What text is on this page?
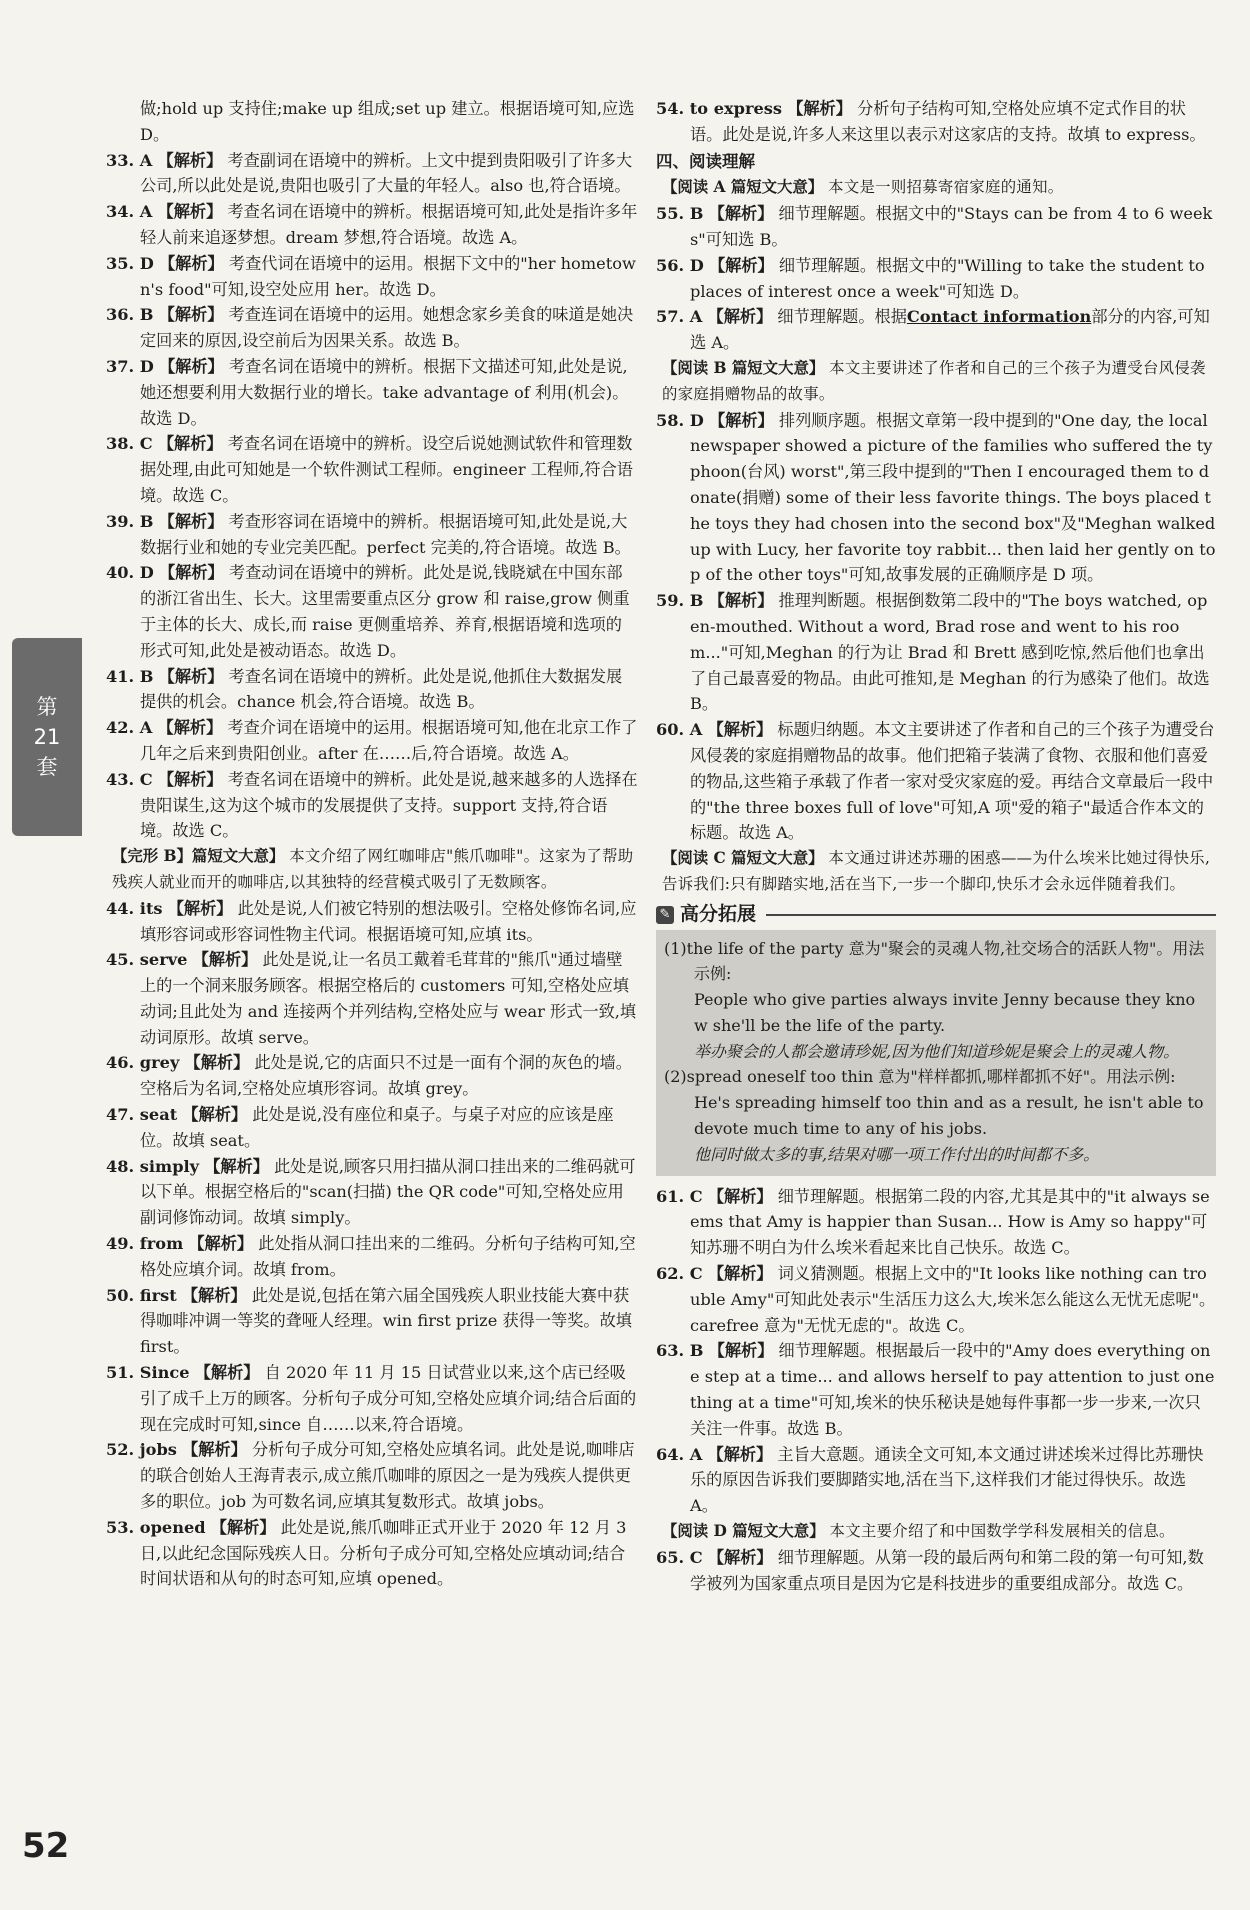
做;hold up 支持住;make up 组成;set up 建立。根据语境可知,应选 D。
33. A 【解析】 考查副词在语境中的辨析。上文中提到贵阳吸引了许多大公司,所以此处是说,贵阳也吸引了大量的年轻人。also 也,符合语境。
34. A 【解析】 考查名词在语境中的辨析。根据语境可知,此处是指许多年轻人前来追逐梦想。dream 梦想,符合语境。故选 A。
35. D 【解析】 考查代词在语境中的运用。根据下文中的"her hometown's food"可知,设空处应用 her。故选 D。
36. B 【解析】 考查连词在语境中的运用。她想念家乡美食的味道是她决定回来的原因,设空前后为因果关系。故选 B。
37. D 【解析】 考查名词在语境中的辨析。根据下文描述可知,此处是说,她还想要利用大数据行业的增长。take advantage of 利用(机会)。故选 D。
38. C 【解析】 考查名词在语境中的辨析。设空后说她测试软件和管理数据处理,由此可知她是一个软件测试工程师。engineer 工程师,符合语境。故选 C。
39. B 【解析】 考查形容词在语境中的辨析。根据语境可知,此处是说,大数据行业和她的专业完美匹配。perfect 完美的,符合语境。故选 B。
40. D 【解析】 考查动词在语境中的辨析。此处是说,钱晓斌在中国东部的浙江省出生、长大。这里需要重点区分 grow 和 raise,grow 侧重于主体的长大、成长,而 raise 更侧重培养、养育,根据语境和选项的形式可知,此处是被动语态。故选 D。
41. B 【解析】 考查名词在语境中的辨析。此处是说,他抓住大数据发展提供的机会。chance 机会,符合语境。故选 B。
42. A 【解析】 考查介词在语境中的运用。根据语境可知,他在北京工作了几年之后来到贵阳创业。after 在……后,符合语境。故选 A。
43. C 【解析】 考查名词在语境中的辨析。此处是说,越来越多的人选择在贵阳谋生,这为这个城市的发展提供了支持。support 支持,符合语境。故选 C。
【完形 B】篇短文大意】 本文介绍了网红咖啡店"熊爪咖啡"。这家为了帮助残疾人就业而开的咖啡店,以其独特的经营模式吸引了无数顾客。
44. its 【解析】 此处是说,人们被它特别的想法吸引。空格处修饰名词,应填形容词或形容词性物主代词。根据语境可知,应填 its。
45. serve 【解析】 此处是说,让一名员工戴着毛茸茸的"熊爪"通过墙壁上的一个洞来服务顾客。根据空格后的 customers 可知,空格处应填动词;且此处为 and 连接两个并列结构,空格处应与 wear 形式一致,填动词原形。故填 serve。
46. grey 【解析】 此处是说,它的店面只不过是一面有个洞的灰色的墙。空格后为名词,空格处应填形容词。故填 grey。
47. seat 【解析】 此处是说,没有座位和桌子。与桌子对应的应该是座位。故填 seat。
48. simply 【解析】 此处是说,顾客只用扫描从洞口挂出来的二维码就可以下单。根据空格后的"scan(扫描) the QR code"可知,空格处应用副词修饰动词。故填 simply。
49. from 【解析】 此处指从洞口挂出来的二维码。分析句子结构可知,空格处应填介词。故填 from。
50. first 【解析】 此处是说,包括在第六届全国残疾人职业技能大赛中获得咖啡冲调一等奖的聋哑人经理。win first prize 获得一等奖。故填 first。
51. Since 【解析】 自 2020 年 11 月 15 日试营业以来,这个店已经吸引了成千上万的顾客。分析句子成分可知,空格处应填介词;结合后面的现在完成时可知,since 自……以来,符合语境。
52. jobs 【解析】 分析句子成分可知,空格处应填名词。此处是说,咖啡店的联合创始人王海青表示,成立熊爪咖啡的原因之一是为残疾人提供更多的职位。job 为可数名词,应填其复数形式。故填 jobs。
53. opened 【解析】 此处是说,熊爪咖啡正式开业于 2020 年 12 月 3 日,以此纪念国际残疾人日。分析句子成分可知,空格处应填动词;结合时间状语和从句的时态可知,应填 opened。
54. to express 【解析】 分析句子结构可知,空格处应填不定式作目的状语。此处是说,许多人来这里以表示对这家店的支持。故填 to express。
四、阅读理解
【阅读 A 篇短文大意】 本文是一则招募寄宿家庭的通知。
55. B 【解析】 细节理解题。根据文中的"Stays can be from 4 to 6 weeks"可知选 B。
56. D 【解析】 细节理解题。根据文中的"Willing to take the student to places of interest once a week"可知选 D。
57. A 【解析】 细节理解题。根据Contact information部分的内容,可知选 A。
【阅读 B 篇短文大意】 本文主要讲述了作者和自己的三个孩子为遭受台风侵袭的家庭捐赠物品的故事。
58. D 【解析】 排列顺序题。根据文章第一段中提到的"One day, the local newspaper showed a picture of the families who suffered the typhoon(台风) worst",第三段中提到的"Then I encouraged them to donate(捐赠) some of their less favorite things. The boys placed the toys they had chosen into the second box"及"Meghan walked up with Lucy, her favorite toy rabbit... then laid her gently on top of the other toys"可知,故事发展的正确顺序是 D 项。
59. B 【解析】 推理判断题。根据倒数第二段中的"The boys watched, open-mouthed. Without a word, Brad rose and went to his room..."可知,Meghan 的行为让 Brad 和 Brett 感到吃惊,然后他们也拿出了自己最喜爱的物品。由此可推知,是 Meghan 的行为感染了他们。故选 B。
60. A 【解析】 标题归纳题。本文主要讲述了作者和自己的三个孩子为遭受台风侵袭的家庭捐赠物品的故事。他们把箱子装满了食物、衣服和他们喜爱的物品,这些箱子承载了作者一家对受灾家庭的爱。再结合文章最后一段中的"the three boxes full of love"可知,A 项"爱的箱子"最适合作本文的标题。故选 A。
【阅读 C 篇短文大意】 本文通过讲述苏珊的困惑——为什么埃米比她过得快乐,告诉我们:只有脚踏实地,活在当下,一步一个脚印,快乐才会永远伴随着我们。
✎ 高分拓展
(1)the life of the party 意为"聚会的灵魂人物,社交场合的活跃人物"。用法示例:
People who give parties always invite Jenny because they know she'll be the life of the party.
举办聚会的人都会邀请珍妮,因为他们知道珍妮是聚会上的灵魂人物。
(2)spread oneself too thin 意为"样样都抓,哪样都抓不好"。用法示例:
He's spreading himself too thin and as a result, he isn't able to devote much time to any of his jobs.
他同时做太多的事,结果对哪一项工作付出的时间都不多。
61. C 【解析】 细节理解题。根据第二段的内容,尤其是其中的"it always seems that Amy is happier than Susan... How is Amy so happy"可知苏珊不明白为什么埃米看起来比自己快乐。故选 C。
62. C 【解析】 词义猜测题。根据上文中的"It looks like nothing can trouble Amy"可知此处表示"生活压力这么大,埃米怎么能这么无忧无虑呢"。carefree 意为"无忧无虑的"。故选 C。
63. B 【解析】 细节理解题。根据最后一段中的"Amy does everything one step at a time... and allows herself to pay attention to just one thing at a time"可知,埃米的快乐秘诀是她每件事都一步一步来,一次只关注一件事。故选 B。
64. A 【解析】 主旨大意题。通读全文可知,本文通过讲述埃米过得比苏珊快乐的原因告诉我们要脚踏实地,活在当下,这样我们才能过得快乐。故选 A。
【阅读 D 篇短文大意】 本文主要介绍了和中国数学学科发展相关的信息。
65. C 【解析】 细节理解题。从第一段的最后两句和第二段的第一句可知,数学被列为国家重点项目是因为它是科技进步的重要组成部分。故选 C。
第
21
套
52
